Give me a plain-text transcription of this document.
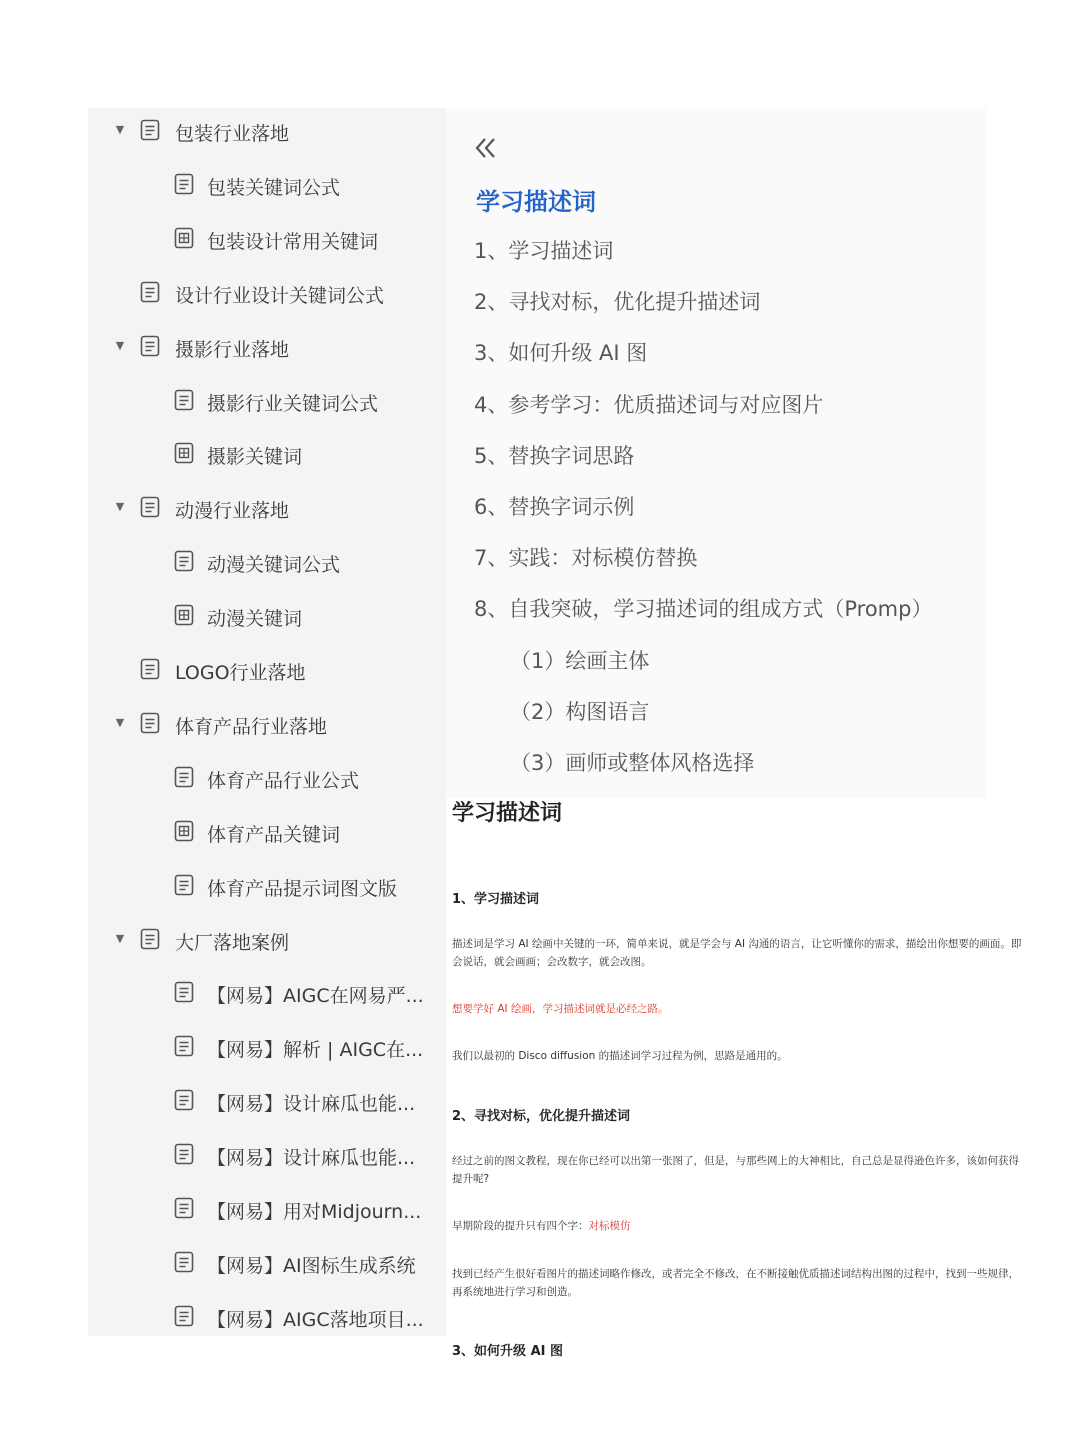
▼	包装行业落地
包装关键词公式
包装设计常用关键词
设计行业设计关键词公式
▼	摄影行业落地
摄影行业关键词公式
摄影关键词
▼	动漫行业落地
动漫关键词公式
动漫关键词
LOGO行业落地
▼	体育产品行业落地
体育产品行业公式
体育产品关键词
体育产品提示词图文版
▼	大厂落地案例
【网易】AIGC在网易严...
【网易】解析 | AIGC在...
【网易】设计麻瓜也能...
【网易】设计麻瓜也能...
【网易】用对Midjourn...
【网易】AI图标生成系统
【网易】AIGC落地项目...
学习描述词
1、学习描述词
2、寻找对标，优化提升描述词
3、如何升级 AI 图
4、参考学习：优质描述词与对应图片
5、替换字词思路
6、替换字词示例
7、实践：对标模仿替换
8、自我突破，学习描述词的组成方式（Promp）
（1）绘画主体
（2）构图语言
（3）画师或整体风格选择
学习描述词
1、学习描述词
描述词是学习 AI 绘画中关键的一环，简单来说，就是学会与 AI 沟通的语言，让它听懂你的需求，描绘出你想要的画面。即会说话，就会画画；会改数字，就会改图。
想要学好 AI 绘画，学习描述词就是必经之路。
我们以最初的 Disco diffusion 的描述词学习过程为例，思路是通用的。
2、寻找对标，优化提升描述词
经过之前的图文教程，现在你已经可以出第一张图了，但是，与那些网上的大神相比，自己总是显得逊色许多，该如何获得提升呢?
早期阶段的提升只有四个字：对标模仿
找到已经产生很好看图片的描述词略作修改，或者完全不修改，在不断接触优质描述词结构出图的过程中，找到一些规律，再系统地进行学习和创造。
3、如何升级 AI 图
